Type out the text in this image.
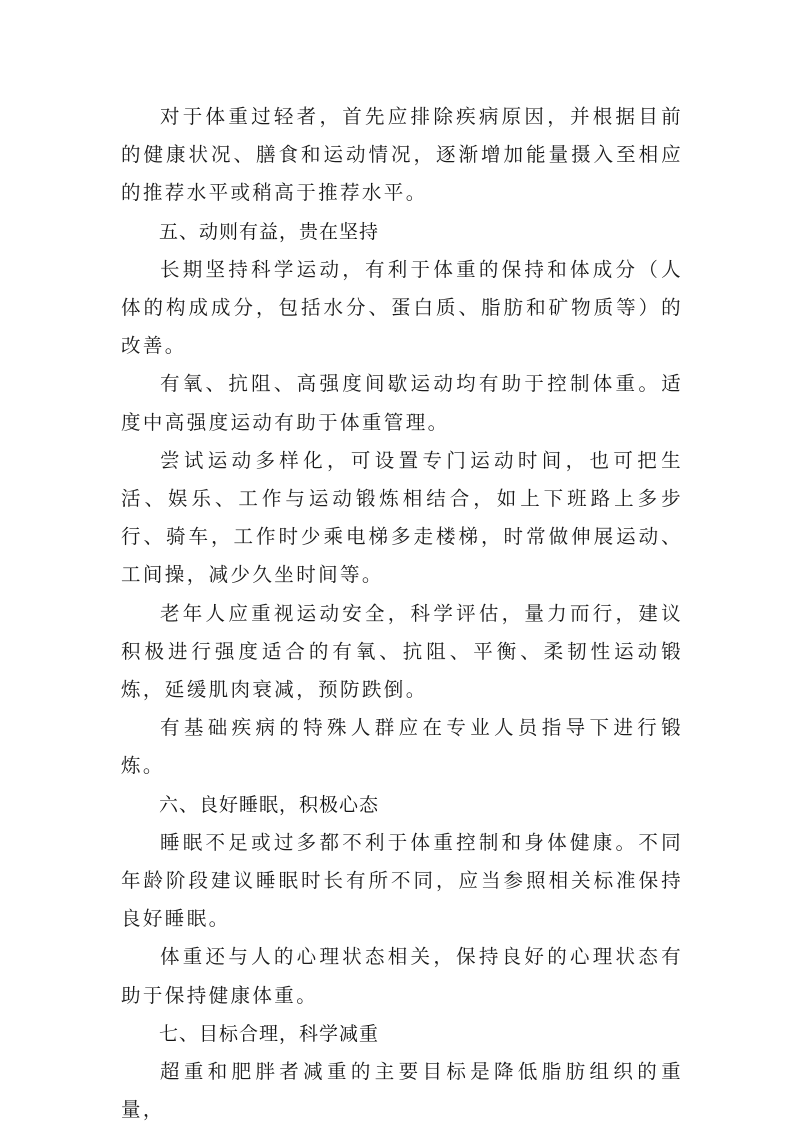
对于体重过轻者，首先应排除疾病原因，并根据目前的健康状况、膳食和运动情况，逐渐增加能量摄入至相应的推荐水平或稍高于推荐水平。

五、动则有益，贵在坚持

长期坚持科学运动，有利于体重的保持和体成分（人体的构成成分，包括水分、蛋白质、脂肪和矿物质等）的改善。

有氧、抗阻、高强度间歇运动均有助于控制体重。适度中高强度运动有助于体重管理。

尝试运动多样化，可设置专门运动时间，也可把生活、娱乐、工作与运动锻炼相结合，如上下班路上多步行、骑车，工作时少乘电梯多走楼梯，时常做伸展运动、工间操，减少久坐时间等。

老年人应重视运动安全，科学评估，量力而行，建议积极进行强度适合的有氧、抗阻、平衡、柔韧性运动锻炼，延缓肌肉衰减，预防跌倒。

有基础疾病的特殊人群应在专业人员指导下进行锻炼。

六、良好睡眠，积极心态

睡眠不足或过多都不利于体重控制和身体健康。不同年龄阶段建议睡眠时长有所不同，应当参照相关标准保持良好睡眠。

体重还与人的心理状态相关，保持良好的心理状态有助于保持健康体重。

七、目标合理，科学减重

超重和肥胖者减重的主要目标是降低脂肪组织的重量，
